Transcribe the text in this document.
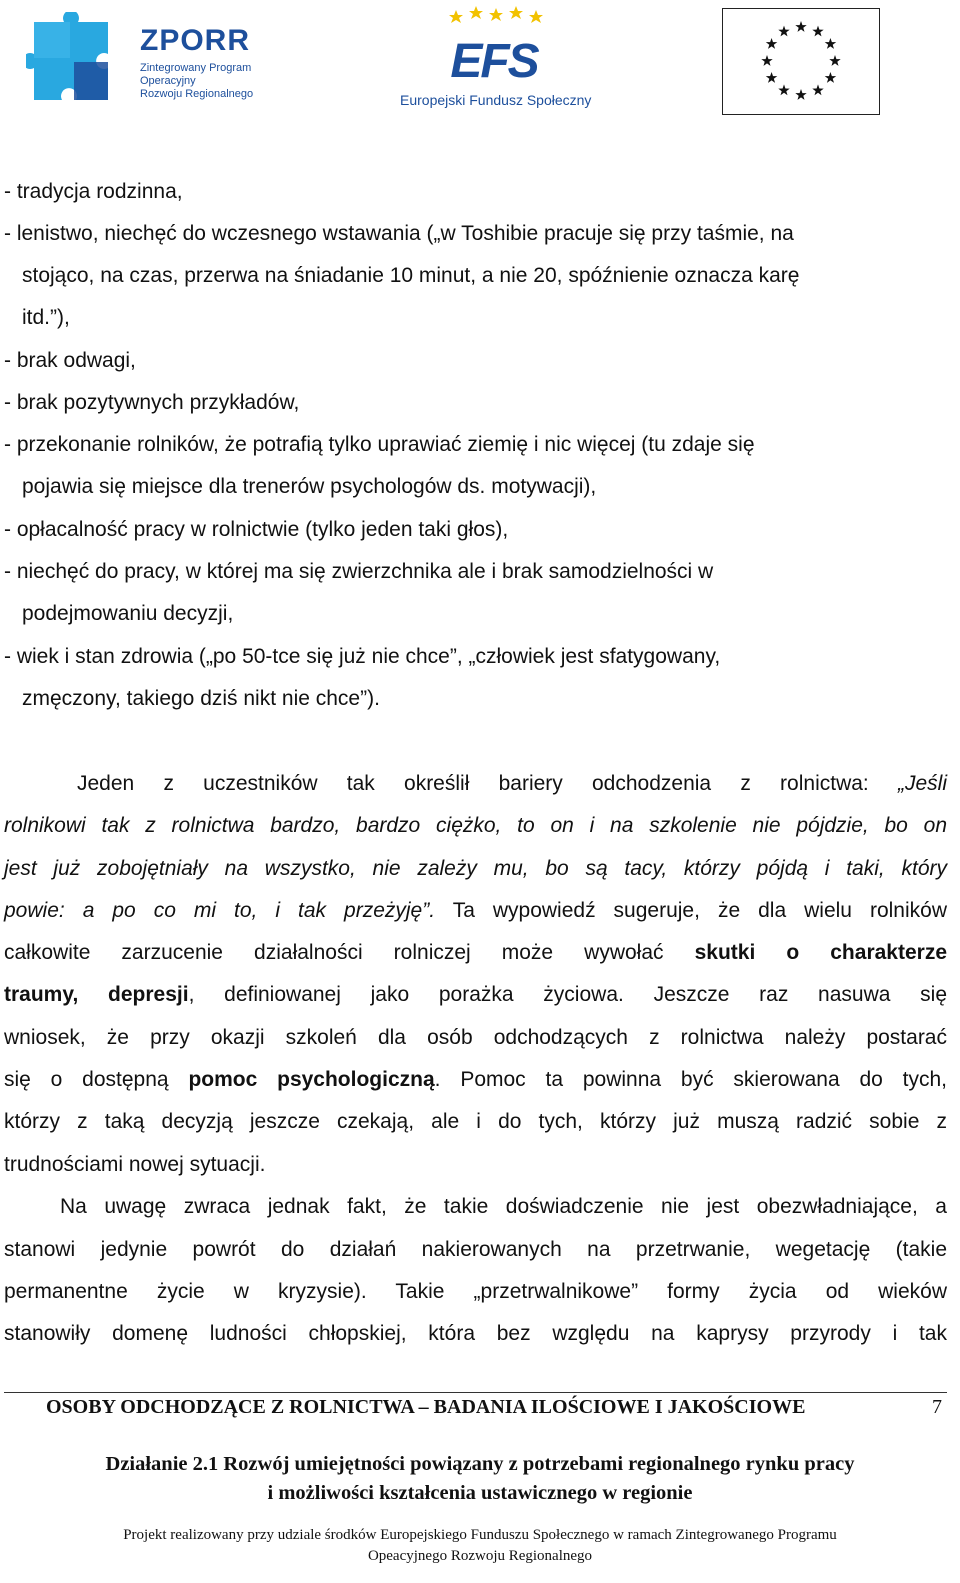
ZPORR
Zintegrowany Program
Operacyjny
Rozwoju Regionalnego
EFS
Europejski Fundusz Społeczny
- tradycja rodzinna,
- lenistwo, niechęć do wczesnego wstawania („w Toshibie pracuje się przy taśmie, na
stojąco, na czas, przerwa na śniadanie 10 minut, a nie 20, spóźnienie oznacza karę
itd.”),
- brak odwagi,
- brak pozytywnych przykładów,
- przekonanie rolników, że potrafią tylko uprawiać ziemię i nic więcej (tu zdaje się
pojawia się miejsce dla trenerów psychologów ds. motywacji),
- opłacalność pracy w rolnictwie (tylko jeden taki głos),
- niechęć do pracy, w której ma się zwierzchnika ale i brak samodzielności w
podejmowaniu decyzji,
- wiek i stan zdrowia („po 50-tce się już nie chce”, „człowiek jest sfatygowany,
zmęczony, takiego dziś nikt nie chce”).
Jeden z uczestników tak określił bariery odchodzenia z rolnictwa: „Jeśli
rolnikowi tak z rolnictwa bardzo, bardzo ciężko, to on i na szkolenie nie pójdzie, bo on
jest już zobojętniały na wszystko, nie zależy mu, bo są tacy, którzy pójdą i taki, który
powie: a po co mi to, i tak przeżyję”. Ta wypowiedź sugeruje, że dla wielu rolników
całkowite zarzucenie działalności rolniczej może wywołać skutki o charakterze
traumy, depresji, definiowanej jako porażka życiowa. Jeszcze raz nasuwa się
wniosek, że przy okazji szkoleń dla osób odchodzących z rolnictwa należy postarać
się o dostępną pomoc psychologiczną. Pomoc ta powinna być skierowana do tych,
którzy z taką decyzją jeszcze czekają, ale i do tych, którzy już muszą radzić sobie z
trudnościami nowej sytuacji.
Na uwagę zwraca jednak fakt, że takie doświadczenie nie jest obezwładniające, a
stanowi jedynie powrót do działań nakierowanych na przetrwanie, wegetację (takie
permanentne życie w kryzysie). Takie „przetrwalnikowe” formy życia od wieków
stanowiły domenę ludności chłopskiej, która bez względu na kaprysy przyrody i tak
OSOBY ODCHODZĄCE Z ROLNICTWA – BADANIA ILOŚCIOWE I JAKOŚCIOWE	7
Działanie 2.1 Rozwój umiejętności powiązany z potrzebami regionalnego rynku pracy
i możliwości kształcenia ustawicznego w regionie
Projekt realizowany przy udziale środków Europejskiego Funduszu Społecznego w ramach Zintegrowanego Programu
Opeacyjnego Rozwoju Regionalnego
